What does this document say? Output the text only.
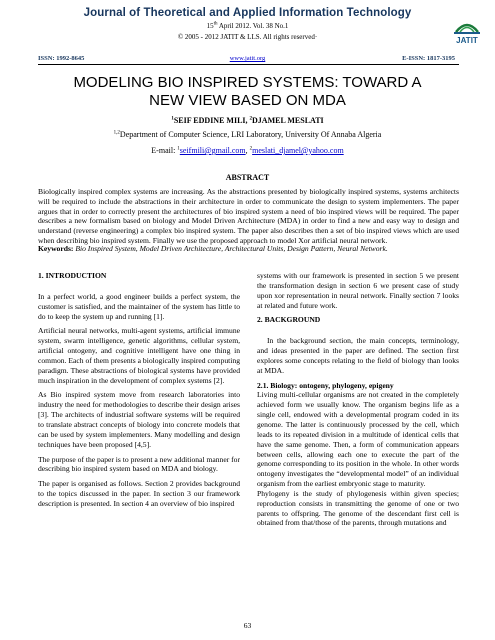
Journal of Theoretical and Applied Information Technology
15th April 2012. Vol. 38 No.1
© 2005 - 2012 JATIT & LLS. All rights reserved·	JATIT
ISSN: 1992-8645	www.jatit.org	E-ISSN: 1817-3195
MODELING BIO INSPIRED SYSTEMS: TOWARD A NEW VIEW BASED ON MDA
$^1$SEIF EDDINE MILI, $^2$DJAMEL MESLATI
$^{1,2}$Department of Computer Science, LRI Laboratory, University Of Annaba Algeria
E-mail: $^1$seifmili@gmail.com, $^2$meslati_djamel@yahoo.com
ABSTRACT
Biologically inspired complex systems are increasing. As the abstractions presented by biologically inspired systems, systems architects will be required to include the abstractions in their architecture in order to communicate the design to system implementers. The paper argues that in order to correctly present the architectures of bio inspired system a need of bio inspired views will be required. The paper describes a new formalism based on biology and Model Driven Architecture (MDA) in order to find a new and easy way to design and understand (reverse engineering) a complex bio inspired system. The paper also describes then a set of bio inspired views which are used when describing bio inspired system. Finally we use the proposed approach to model Xor artificial neural network.
Keywords: Bio Inspired System, Model Driven Architecture, Architectural Units, Design Pattern, Neural Network.
1. INTRODUCTION

In a perfect world, a good engineer builds a perfect system, the customer is satisfied, and the maintainer of the system has little to do to keep the system up and running [1].

Artificial neural networks, multi-agent systems, artificial immune system, swarm intelligence, genetic algorithms, cellular system, artificial ontogeny, and cognitive intelligent have one thing in common. Each of them presents a biologically inspired computing paradigm. These abstractions of biological systems have provided much inspiration in the development of complex systems [2].

As Bio inspired system move from research laboratories into industry the need for methodologies to describe their design arises [3]. The architects of industrial software systems will be required to translate abstract concepts of biology into concrete models that can be used by system implementers. Many modelling and design techniques have been proposed [4,5].

The purpose of the paper is to present a new additional manner for describing bio inspired system based on MDA and biology.

The paper is organised as follows. Section 2 provides background to the topics discussed in the paper. In section 3 our framework description is presented. In section 4 an overview of bio inspired

systems with our framework is presented in section 5 we present the transformation design in section 6 we present case of study upon xor representation in neural network. Finally section 7 looks at related and future work.

2. BACKGROUND

In the background section, the main concepts, terminology, and ideas presented in the paper are defined. The section first explores some concepts relating to the field of biology than looks at MDA.

2.1. Biology: ontogeny, phylogeny, epigeny

Living multi-cellular organisms are not created in the completely achieved form we usually know. The organism begins life as a single cell, endowed with a developmental program coded in its genome. The latter is continuously processed by the cell, which leads to its repeated division in a multitude of identical cells that have the same genome. Then, a form of communication appears between cells, allowing each one to execute the part of the genome corresponding to its position in the whole. In other words ontogeny investigates the “developmental model” of an individual organism from the earliest embryonic stage to maturity.

Phylogeny is the study of phylogenesis within given species; reproduction consists in transmitting the genome of one or two parents to offspring. The genome of the descendant first cell is obtained from that/those of the parents, through mutations and

63
